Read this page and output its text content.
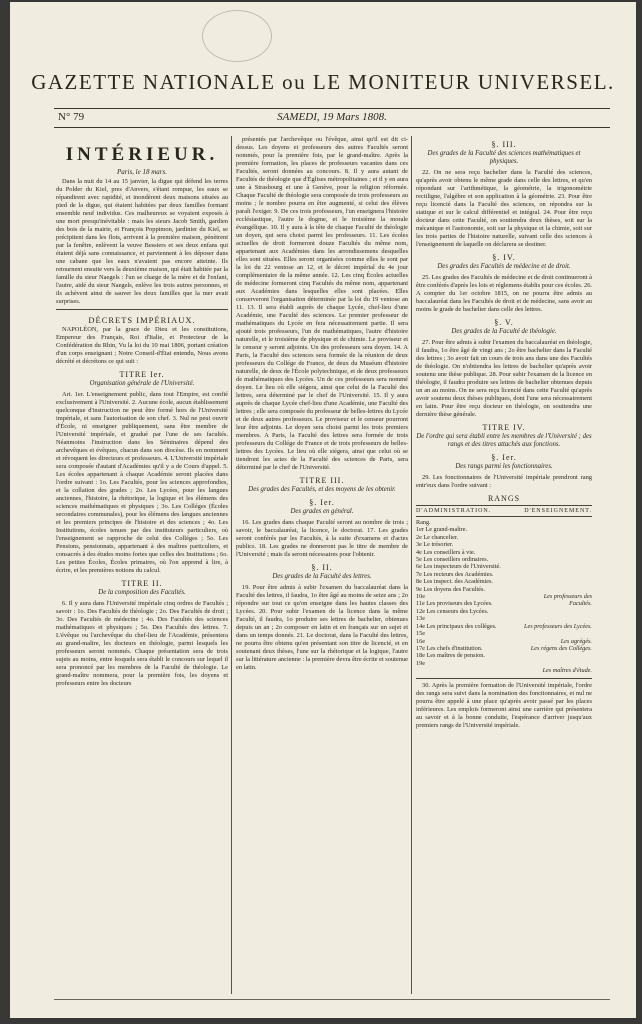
GAZETTE NATIONALE ou LE MONITEUR UNIVERSEL.
N° 79	SAMEDI, 19 Mars 1808.
INTÉRIEUR.
Paris, le 18 mars.

Dans la nuit du 14 au 15 janvier, la digue qui défend les terres du Polder du Kiel, pres d'Anvers, s'étant rompue, les eaux se répandirent avec rapidité, et inondèrent deux maisons situées au pied de la digue, qui étaient habitées par deux familles formant ensemble neuf individus. Ces malheureux se voyaient exposés à une mort presqu'inévitable : mais les sieurs Jacob Smith, gardien des bois de la mairie, et François Poppimon, jardinier du Kiel, se précipitent dans les flots, arrivent à la première maison, pénètrent par la fenêtre, enlèvent la veuve Bessiers et ses deux enfans qui étaient déjà sans connaissance, et parviennent à les déposer dans une cabane que les eaux n'avaient pas encore atteinte. Ils retournent ensuite vers la deuxième maison, qui était habitée par la famille du sieur Naegels : l'un se charge de la mère et de l'enfant, l'autre, aidé du sieur Naegels, enlève les trois autres personnes, et ils achèvent ainsi de sauver les deux familles que la mer avait surprises.

DÉCRETS IMPÉRIAUX.

NAPOLÉON, par la grace de Dieu et les constitutions, Empereur des Français, Roi d'Italie, et Protecteur de la Confédération du Rhin, Vu la loi du 10 mai 1806, portant création d'un corps enseignant ; Notre Conseil-d'État entendu, Nous avons décrété et décrétons ce qui suit :

TITRE Ier.
Organisation générale de l'Université.

Art. 1er. L'enseignement public, dans tout l'Empire, est confié exclusivement à l'Université. 2. Aucune école, aucun établissement quelconque d'instruction ne peut être formé hors de l'Université impériale, et sans l'autorisation de son chef. 3. Nul ne peut ouvrir d'École, ni enseigner publiquement, sans être membre de l'Université impériale, et gradué par l'une de ses facultés. Néanmoins l'instruction dans les Séminaires dépend des archevêques et évêques, chacun dans son diocèse. Ils en nomment et révoquent les directeurs et professeurs. 4. L'Université impériale sera composée d'autant d'Académies qu'il y a de Cours d'appel. 5. Les écoles appartenant à chaque Académie seront placées dans l'ordre suivant : 1o. Les Facultés, pour les sciences approfondies, et la collation des grades ; 2o. Les Lycées, pour les langues anciennes, l'histoire, la rhétorique, la logique et les élémens des sciences mathématiques et physiques ; 3o. Les Colléges (Écoles secondaires communales), pour les élémens des langues anciennes et les premiers principes de l'histoire et des sciences ; 4o. Les Institutions, écoles tenues par des instituteurs particuliers, où l'enseignement se rapproche de celui des Colléges ; 5o. Les Pensions, pensionnats, appartenant à des maîtres particuliers, et consacrés à des études moins fortes que celles des Institutions ; 6o. Les petites Écoles, Écoles primaires, où l'on apprend à lire, à écrire, et les premières notions du calcul.

TITRE II.
De la composition des Facultés.

6. Il y aura dans l'Université impériale cinq ordres de Facultés ; savoir : 1o. Des Facultés de théologie ; 2o. Des Facultés de droit ; 3o. Des Facultés de médecine ; 4o. Des Facultés des sciences mathématiques et physiques ; 5o. Des Facultés des lettres. 7. L'évêque ou l'archevêque du chef-lieu de l'Académie, présentera au grand-maître, les docteurs en théologie, parmi lesquels les professeurs seront nommés. Chaque présentation sera de trois sujets au moins, entre lesquels sera établi le concours sur lequel il sera prononcé par les membres de la Faculté de théologie. Le grand-maître nommera, pour la première fois, les doyens et professeurs entre les docteurs

présentés par l'archevêque ou l'évêque, ainsi qu'il est dit ci-dessus. Les doyens et professeurs des autres Facultés seront nommés, pour la première fois, par le grand-maître. Après la première formation, les places de professeurs vacantes dans ces Facultés, seront données au concours. 8. Il y aura autant de Facultés de théologie que d'Églises métropolitaines ; et il y en aura une à Strasbourg et une à Genève, pour la religion réformée. Chaque Faculté de théologie sera composée de trois professeurs au moins ; le nombre pourra en être augmenté, si celui des élèves paraît l'exiger. 9. De ces trois professeurs, l'un enseignera l'histoire ecclésiastique, l'autre le dogme, et le troisième la morale évangélique. 10. Il y aura à la tête de chaque Faculté de théologie un doyen, qui sera choisi parmi les professeurs. 11. Les écoles actuelles de droit formeront douze Facultés du même nom, appartenant aux Académies dans les arrondissemens desquelles elles sont situées. Elles seront organisées comme elles le sont par la loi du 22 ventose an 12, et le décret impérial du 4e jour complémentaire de la même année. 12. Les cinq Écoles actuelles de médecine formeront cinq Facultés du même nom, appartenant aux Académies dans lesquelles elles sont placées. Elles conserveront l'organisation déterminée par la loi du 19 ventose an 11. 13. Il sera établi auprès de chaque Lycée, chef-lieu d'une Académie, une Faculté des sciences. Le premier professeur de mathématiques du Lycée en fera nécessairement partie. Il sera ajouté trois professeurs, l'un de mathématiques, l'autre d'histoire naturelle, et le troisième de physique et de chimie. Le proviseur et le censeur y seront adjoints. Un des professeurs sera doyen. 14. A Paris, la Faculté des sciences sera formée de la réunion de deux professeurs du Collége de France, de deux du Muséum d'histoire naturelle, de deux de l'École polytechnique, et de deux professeurs de mathématiques des Lycées. Un de ces professeurs sera nommé doyen. Le lieu où elle siégera, ainsi que celui de la Faculté des lettres, sera déterminé par le chef de l'Université. 15. Il y aura auprès de chaque Lycée chef-lieu d'une Académie, une Faculté des lettres ; elle sera composée du professeur de belles-lettres du Lycée et de deux autres professeurs. Le proviseur et le censeur pourront leur être adjoints. Le doyen sera choisi parmi les trois premiers membres. A Paris, la Faculté des lettres sera formée de trois professeurs du Collége de France et de trois professeurs de belles-lettres des Lycées. Le lieu où elle siégera, ainsi que celui où se tiendront les actes de la Faculté des sciences de Paris, sera déterminé par le chef de l'Université.

TITRE III.
Des grades des Facultés, et des moyens de les obtenir.
§. Ier.
Des grades en général.

16. Les grades dans chaque Faculté seront au nombre de trois ; savoir, le baccalauréat, la licence, le doctorat. 17. Les grades seront conférés par les Facultés, à la suite d'examens et d'actes publics. 18. Les grades ne donneront pas le titre de membre de l'Université ; mais ils seront nécessaires pour l'obtenir.

§. II.
Des grades de la Faculté des lettres.

19. Pour être admis à subir l'examen du baccalauréat dans la Faculté des lettres, il faudra, 1o être âgé au moins de seize ans ; 2o répondre sur tout ce qu'on enseigne dans les hautes classes des Lycées. 20. Pour subir l'examen de la licence dans la même Faculté, il faudra, 1o produire ses lettres de bachelier, obtenues depuis un an ; 2o composer en latin et en français sur un sujet et dans un temps donnés. 21. Le doctorat, dans la Faculté des lettres, ne pourra être obtenu qu'en présentant son titre de licencié, et en soutenant deux thèses, l'une sur la rhétorique et la logique, l'autre sur la littérature ancienne : la première devra être écrite et soutenue en latin.

§. III.
Des grades de la Faculté des sciences mathématiques et physiques.

22. On ne sera reçu bachelier dans la Faculté des sciences, qu'après avoir obtenu le même grade dans celle des lettres, et qu'en répondant sur l'arithmétique, la géométrie, la trigonométrie rectiligne, l'algèbre et son application à la géométrie. 23. Pour être reçu licencié dans la Faculté des sciences, on répondra sur la statique et sur le calcul différentiel et intégral. 24. Pour être reçu docteur dans cette Faculté, on soutiendra deux thèses, soit sur la mécanique et l'astronomie, soit sur la physique et la chimie, soit sur les trois parties de l'histoire naturelle, suivant celle des sciences à l'enseignement de laquelle on déclarera se destiner.

§. IV.
Des grades des Facultés de médecine et de droit.

25. Les grades des Facultés de médecine et de droit continueront à être conférés d'après les lois et réglemens établis pour ces écoles. 26. A compter du 1er octobre 1815, on ne pourra être admis au baccalauréat dans les Facultés de droit et de médecine, sans avoir au moins le grade de bachelier dans celle des lettres.

§. V.
Des grades de la Faculté de théologie.

27. Pour être admis à subir l'examen du baccalauréat en théologie, il faudra, 1o être âgé de vingt ans ; 2o être bachelier dans la Faculté des lettres ; 3o avoir fait un cours de trois ans dans une des Facultés de théologie. On n'obtiendra les lettres de bachelier qu'après avoir soutenu une thèse publique. 28. Pour subir l'examen de la licence en théologie, il faudra produire ses lettres de bachelier obtenues depuis un an au moins. On ne sera reçu licencié dans cette Faculté qu'après avoir soutenu deux thèses publiques, dont l'une sera nécessairement en latin. Pour être reçu docteur en théologie, on soutiendra une dernière thèse générale.

TITRE IV.
De l'ordre qui sera établi entre les membres de l'Université ; des rangs et des titres attachés aux fonctions.
§. Ier.
Des rangs parmi les fonctionnaires.

29. Les fonctionnaires de l'Université impériale prendront rang entr'eux dans l'ordre suivant :

RANGS
D'ADMINISTRATION.	D'ENSEIGNEMENT.
Rang.
1er Le grand-maître.
2e Le chancelier.
3e Le trésorier.
4e Les conseillers à vie.
5e Les conseillers ordinaires.
6e Les inspecteurs de l'Université.
7e Les recteurs des Académies.
8e Les inspect. des Académies.
9e Les doyens des Facultés.
10e
11e Les proviseurs des Lycées.
12e Les censeurs des Lycées.
13e
14e Les principaux des colléges.
15e
16e
17e Les chefs d'institution.
18e Les maîtres de pension.
19e

Les professeurs des Facultés.

Les professeurs des Lycées.

Les agrégés.
Les régens des Colléges.

Les maîtres d'étude.

30. Après la première formation de l'Université impériale, l'ordre des rangs sera suivi dans la nomination des fonctionnaires, et nul ne pourra être appelé à une place qu'après avoir passé par les places inférieures. Les emplois formeront ainsi une carrière qui présentera au savoir et à la bonne conduite, l'espérance d'arriver jusqu'aux premiers rangs de l'Université impériale.
